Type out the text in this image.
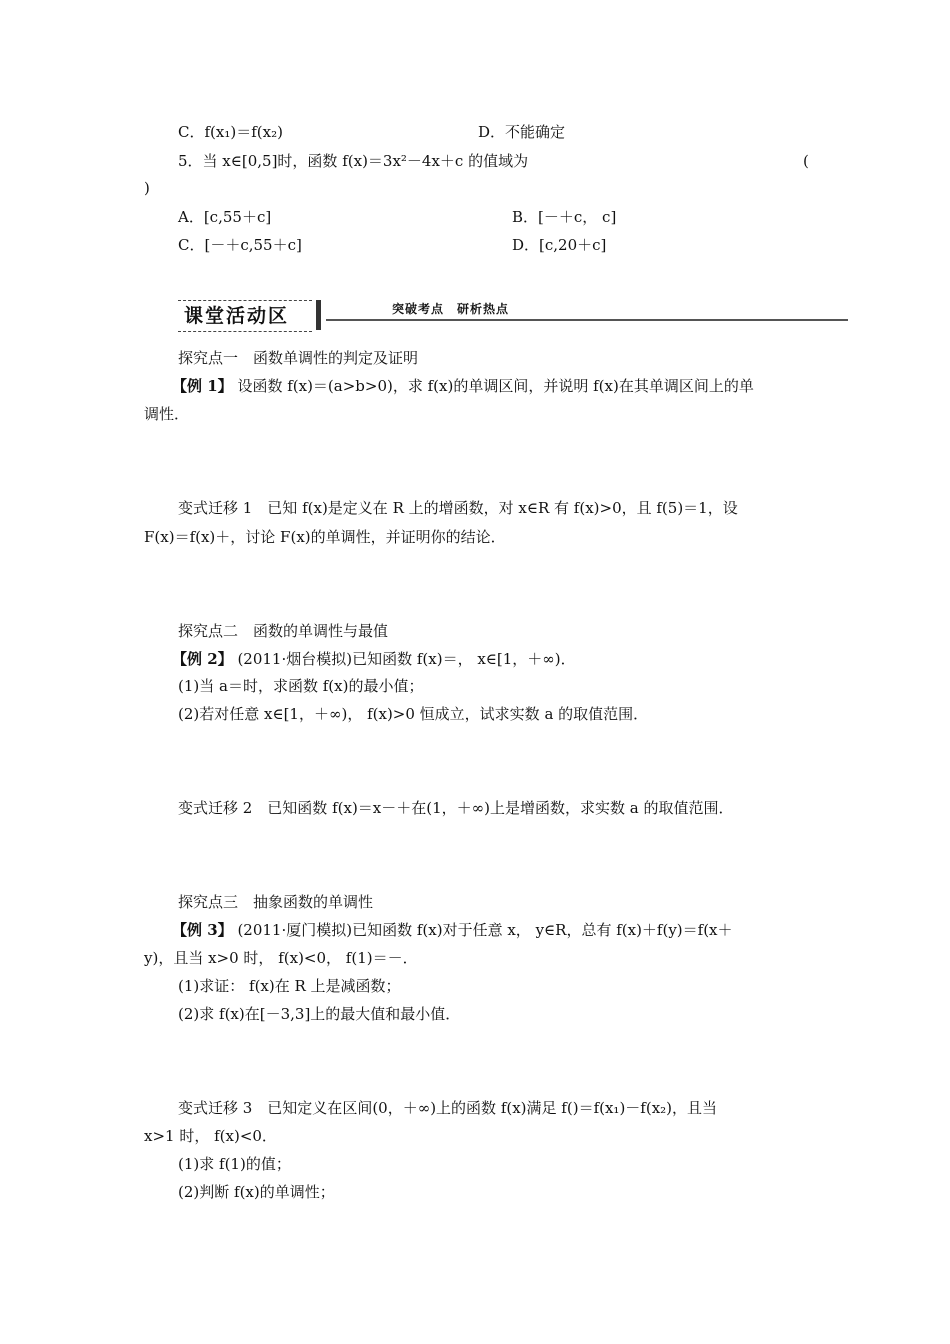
C．f(x₁)＝f(x₂)	D．不能确定
5．当 x∈[0,5]时，函数 f(x)＝3x²－4x＋c 的值域为	(
)
A．[c,55＋c]	B．[－＋c， c]
C．[－＋c,55＋c]	D．[c,20＋c]
课堂活动区	突破考点　研析热点
探究点一　函数单调性的判定及证明
【例 1】 设函数 f(x)＝(a>b>0)，求 f(x)的单调区间，并说明 f(x)在其单调区间上的单
调性．
变式迁移 1　已知 f(x)是定义在 R 上的增函数，对 x∈R 有 f(x)>0，且 f(5)＝1，设
F(x)＝f(x)＋，讨论 F(x)的单调性，并证明你的结论．
探究点二　函数的单调性与最值
【例 2】 (2011·烟台模拟)已知函数 f(x)＝， x∈[1，＋∞)．
(1)当 a＝时，求函数 f(x)的最小值；
(2)若对任意 x∈[1，＋∞)， f(x)>0 恒成立，试求实数 a 的取值范围．
变式迁移 2　已知函数 f(x)＝x－＋在(1，＋∞)上是增函数，求实数 a 的取值范围．
探究点三　抽象函数的单调性
【例 3】 (2011·厦门模拟)已知函数 f(x)对于任意 x， y∈R，总有 f(x)＋f(y)＝f(x＋
y)，且当 x>0 时， f(x)<0， f(1)＝－．
(1)求证： f(x)在 R 上是减函数；
(2)求 f(x)在[－3,3]上的最大值和最小值．
变式迁移 3　已知定义在区间(0，＋∞)上的函数 f(x)满足 f()＝f(x₁)－f(x₂)，且当
x>1 时， f(x)<0．
(1)求 f(1)的值；
(2)判断 f(x)的单调性；
